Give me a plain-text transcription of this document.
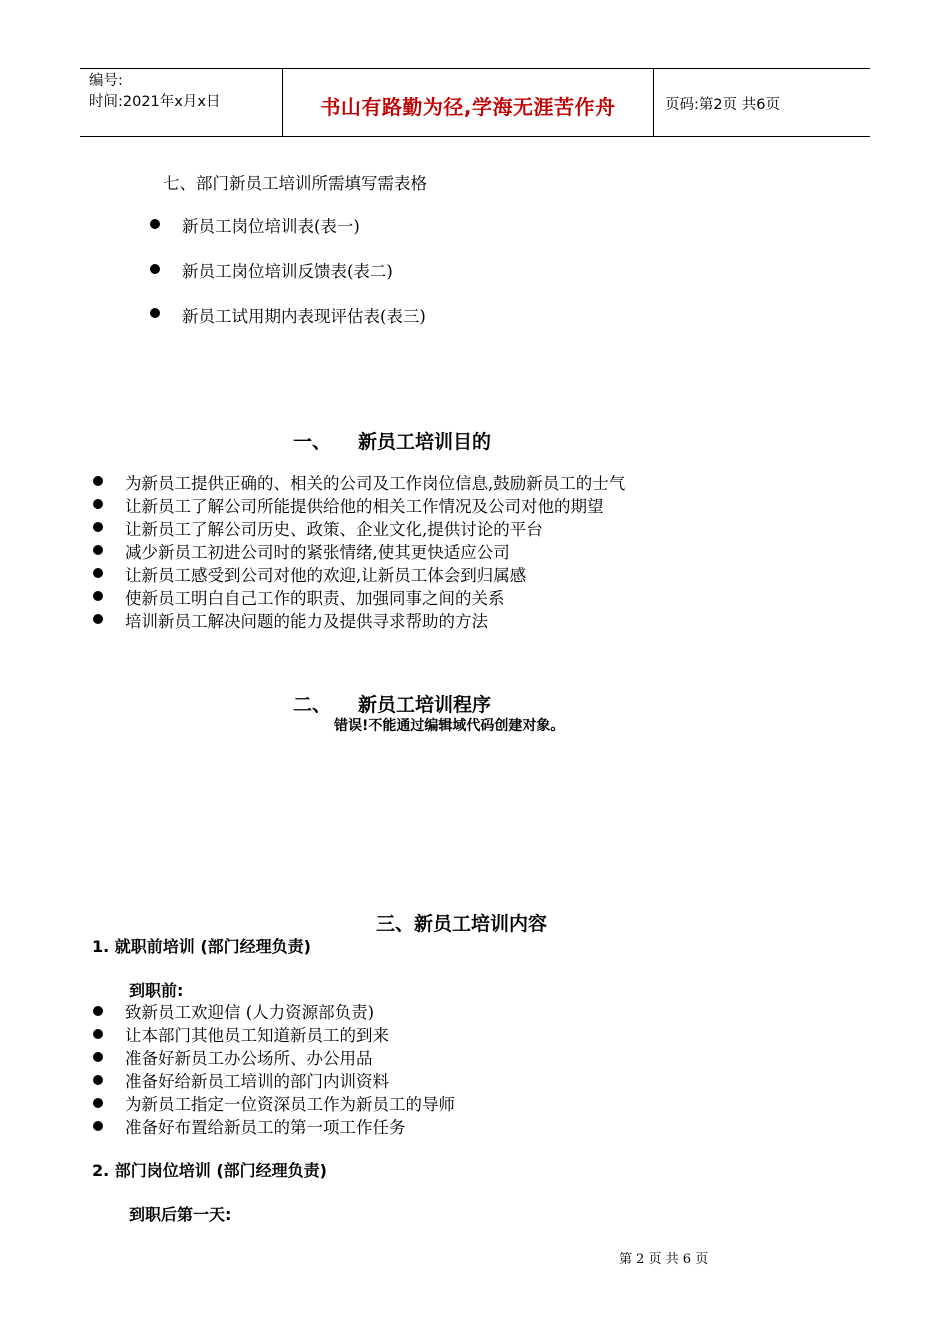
编号:
时间:2021年x月x日	书山有路勤为径,学海无涯苦作舟	页码:第2页 共6页
七、部门新员工培训所需填写需表格
新员工岗位培训表(表一)
新员工岗位培训反馈表(表二)
新员工试用期内表现评估表(表三)
一、 新员工培训目的
为新员工提供正确的、相关的公司及工作岗位信息,鼓励新员工的士气
让新员工了解公司所能提供给他的相关工作情况及公司对他的期望
让新员工了解公司历史、政策、企业文化,提供讨论的平台
减少新员工初进公司时的紧张情绪,使其更快适应公司
让新员工感受到公司对他的欢迎,让新员工体会到归属感
使新员工明白自己工作的职责、加强同事之间的关系
培训新员工解决问题的能力及提供寻求帮助的方法
二、 新员工培训程序
错误!不能通过编辑域代码创建对象。
三、新员工培训内容
1. 就职前培训 (部门经理负责)
到职前:
致新员工欢迎信 (人力资源部负责)
让本部门其他员工知道新员工的到来
准备好新员工办公场所、办公用品
准备好给新员工培训的部门内训资料
为新员工指定一位资深员工作为新员工的导师
准备好布置给新员工的第一项工作任务
2. 部门岗位培训 (部门经理负责)
到职后第一天:
第 2 页 共 6 页
